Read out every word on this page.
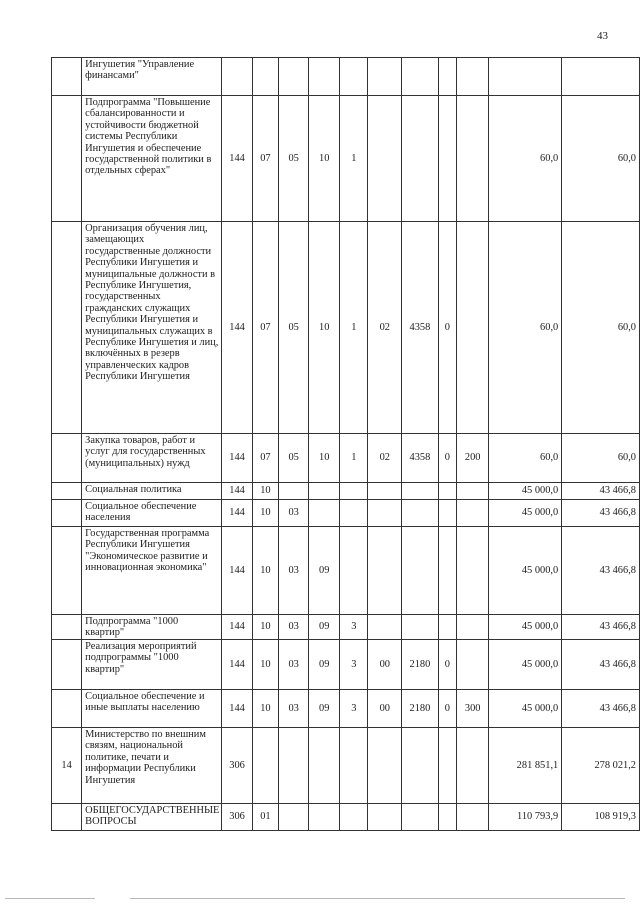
43
	Ингушетия "Управление финансами"											
	Подпрограмма "Повышение сбалансированности и устойчивости бюджетной системы Республики Ингушетия и обеспечение государственной политики в отдельных сферах"	144	07	05	10	1					60,0	60,0
	Организация обучения лиц, замещающих государственные должности Республики Ингушетия и муниципальные должности в Республике Ингушетия, государственных гражданских служащих Республики Ингушетия и муниципальных служащих в Республике Ингушетия и лиц, включённых в резерв управленческих кадров Республики Ингушетия	144	07	05	10	1	02	4358	0		60,0	60,0
	Закупка товаров, работ и услуг для государственных (муниципальных) нужд	144	07	05	10	1	02	4358	0	200	60,0	60,0
	Социальная политика	144	10								45 000,0	43 466,8
	Социальное обеспечение населения	144	10	03							45 000,0	43 466,8
	Государственная программа Республики Ингушетия "Экономическое развитие и инновационная экономика"	144	10	03	09						45 000,0	43 466,8
	Подпрограмма "1000 квартир"	144	10	03	09	3					45 000,0	43 466,8
	Реализация мероприятий подпрограммы "1000 квартир"	144	10	03	09	3	00	2180	0		45 000,0	43 466,8
	Социальное обеспечение и иные выплаты населению	144	10	03	09	3	00	2180	0	300	45 000,0	43 466,8
14	Министерство по внешним связям, национальной политике, печати и информации Республики Ингушетия	306									281 851,1	278 021,2
	ОБЩЕГОСУДАРСТВЕННЫЕ ВОПРОСЫ	306	01								110 793,9	108 919,3
